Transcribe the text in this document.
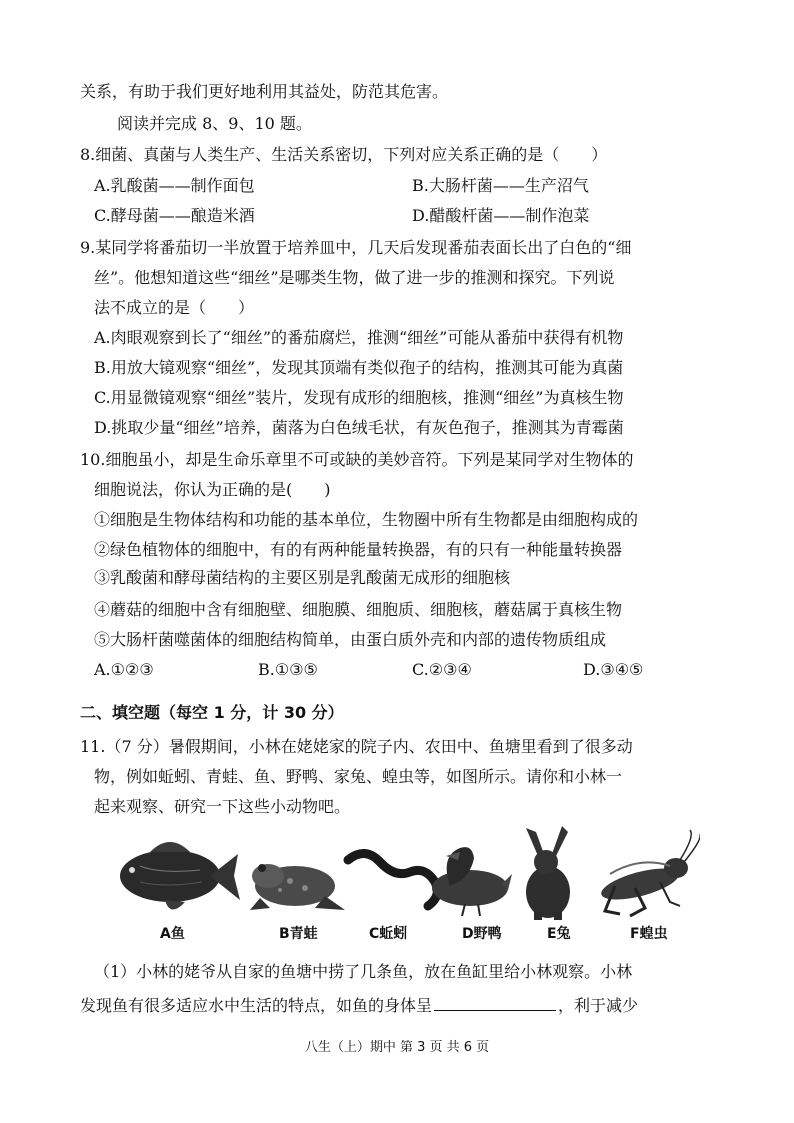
关系，有助于我们更好地利用其益处，防范其危害。
阅读并完成 8、9、10 题。
8.细菌、真菌与人类生产、生活关系密切，下列对应关系正确的是（　　）
A.乳酸菌——制作面包	B.大肠杆菌——生产沼气
C.酵母菌——酿造米酒	D.醋酸杆菌——制作泡菜
9.某同学将番茄切一半放置于培养皿中，几天后发现番茄表面长出了白色的“细
丝”。他想知道这些“细丝”是哪类生物，做了进一步的推测和探究。下列说
法不成立的是（　　）
A.肉眼观察到长了“细丝”的番茄腐烂，推测“细丝”可能从番茄中获得有机物
B.用放大镜观察“细丝”，发现其顶端有类似孢子的结构，推测其可能为真菌
C.用显微镜观察“细丝”装片，发现有成形的细胞核，推测“细丝”为真核生物
D.挑取少量“细丝”培养，菌落为白色绒毛状，有灰色孢子，推测其为青霉菌
10.细胞虽小，却是生命乐章里不可或缺的美妙音符。下列是某同学对生物体的
细胞说法，你认为正确的是(　　)
①细胞是生物体结构和功能的基本单位，生物圈中所有生物都是由细胞构成的
②绿色植物体的细胞中，有的有两种能量转换器，有的只有一种能量转换器
③乳酸菌和酵母菌结构的主要区别是乳酸菌无成形的细胞核
④蘑菇的细胞中含有细胞壁、细胞膜、细胞质、细胞核，蘑菇属于真核生物
⑤大肠杆菌噬菌体的细胞结构简单，由蛋白质外壳和内部的遗传物质组成
A.①②③	B.①③⑤	C.②③④	D.③④⑤
二、填空题（每空 1 分，计 30 分）
11.（7 分）暑假期间，小林在姥姥家的院子内、农田中、鱼塘里看到了很多动
物，例如蚯蚓、青蛙、鱼、野鸭、家兔、蝗虫等，如图所示。请你和小林一
起来观察、研究一下这些小动物吧。
A鱼	B青蛙	C蚯蚓	D野鸭	E兔	F蝗虫
（1）小林的姥爷从自家的鱼塘中捞了几条鱼，放在鱼缸里给小林观察。小林
发现鱼有很多适应水中生活的特点，如鱼的身体呈	，利于减少
八生（上）期中 第 3 页 共 6 页
